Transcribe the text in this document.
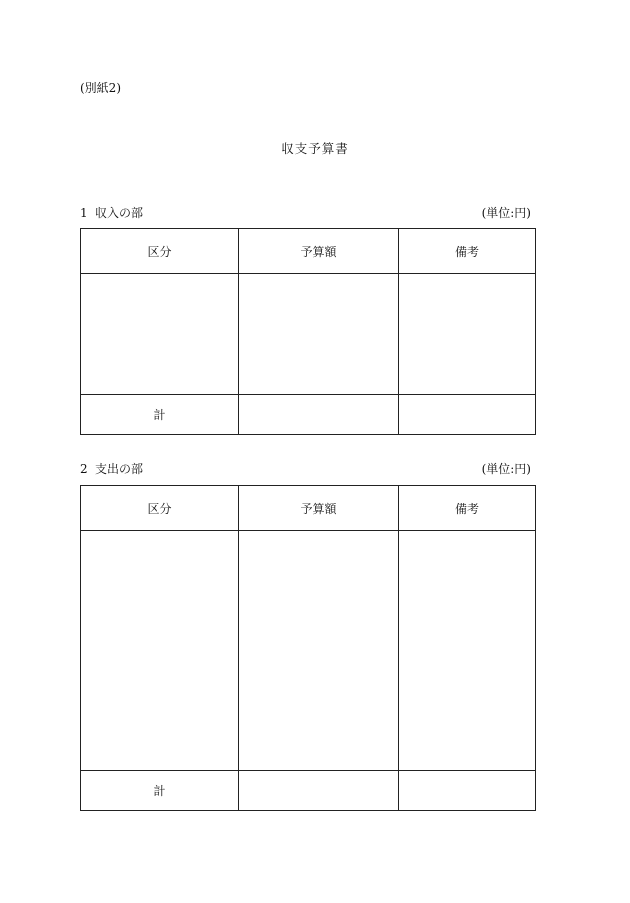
(別紙2)
収支予算書
1 収入の部	(単位:円)
区分	予算額	備考

計		
2 支出の部	(単位:円)
区分	予算額	備考

計		
